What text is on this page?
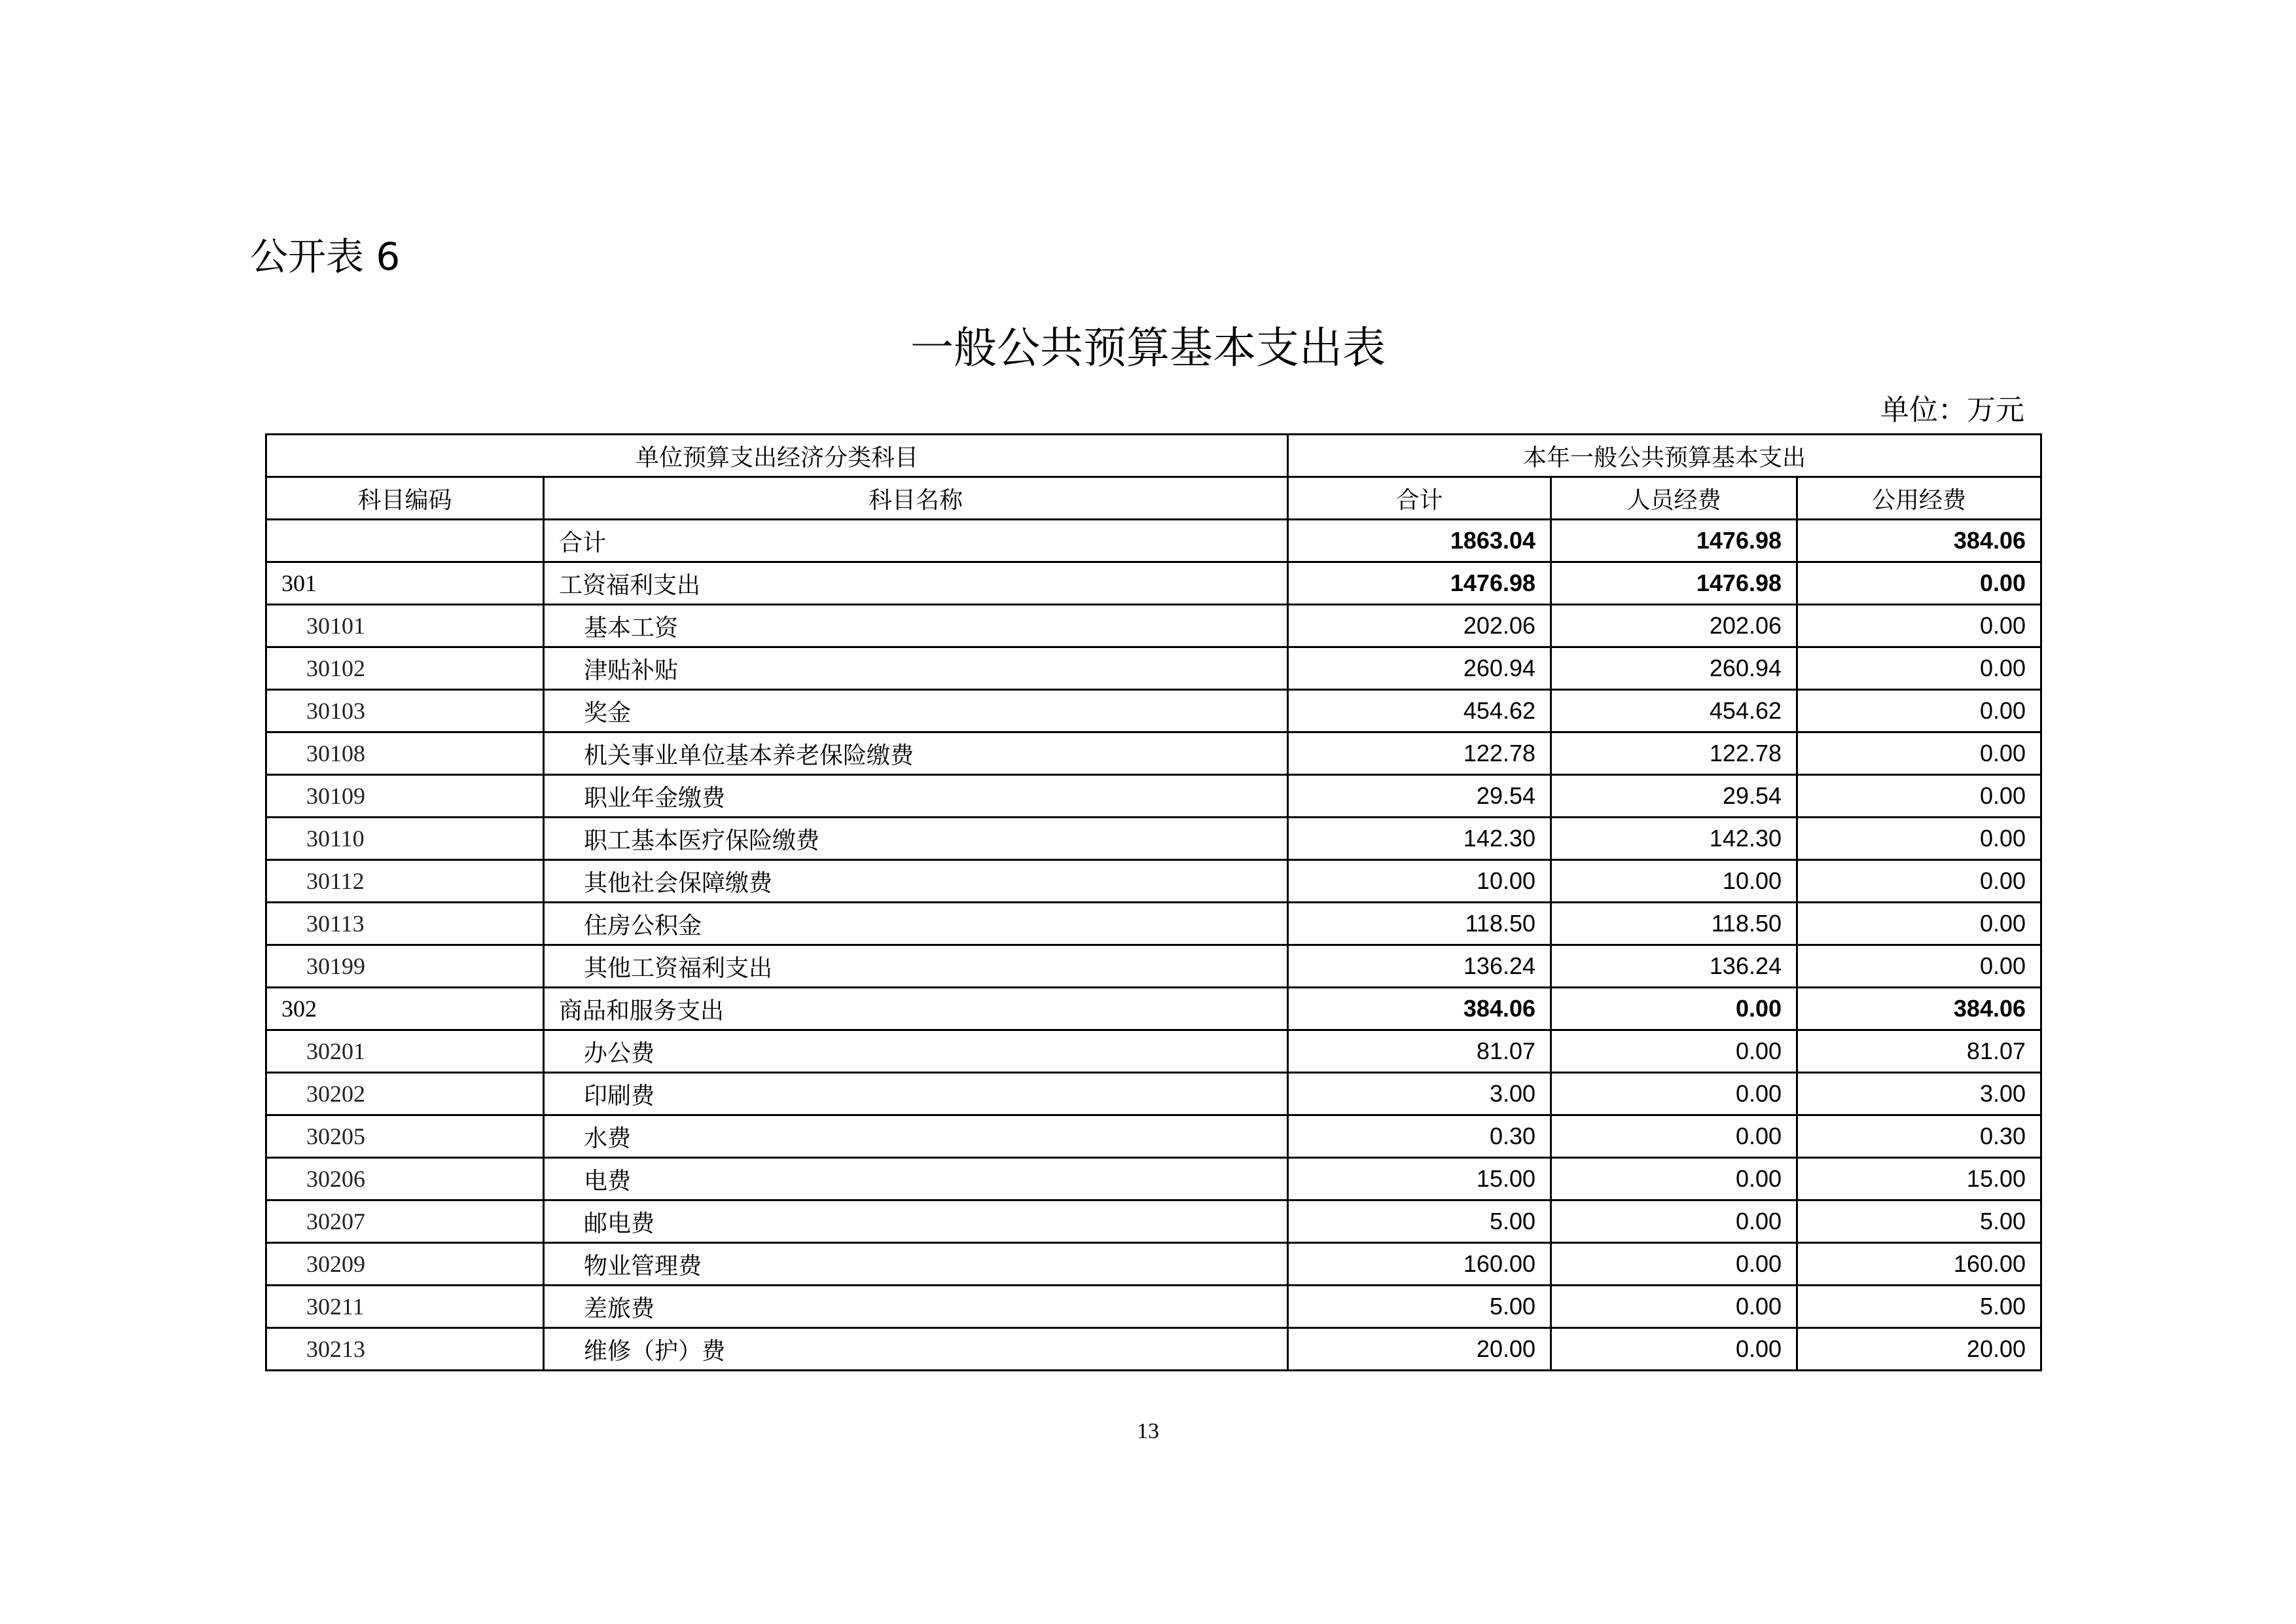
公开表 6
一般公共预算基本支出表
单位：万元
单位预算支出经济分类科目		本年一般公共预算基本支出		
科目编码	科目名称	合计	人员经费	公用经费
	合计	1863.04	1476.98	384.06
301	工资福利支出	1476.98	1476.98	0.00
30101	基本工资	202.06	202.06	0.00
30102	津贴补贴	260.94	260.94	0.00
30103	奖金	454.62	454.62	0.00
30108	机关事业单位基本养老保险缴费	122.78	122.78	0.00
30109	职业年金缴费	29.54	29.54	0.00
30110	职工基本医疗保险缴费	142.30	142.30	0.00
30112	其他社会保障缴费	10.00	10.00	0.00
30113	住房公积金	118.50	118.50	0.00
30199	其他工资福利支出	136.24	136.24	0.00
302	商品和服务支出	384.06	0.00	384.06
30201	办公费	81.07	0.00	81.07
30202	印刷费	3.00	0.00	3.00
30205	水费	0.30	0.00	0.30
30206	电费	15.00	0.00	15.00
30207	邮电费	5.00	0.00	5.00
30209	物业管理费	160.00	0.00	160.00
30211	差旅费	5.00	0.00	5.00
30213	维修（护）费	20.00	0.00	20.00
13
